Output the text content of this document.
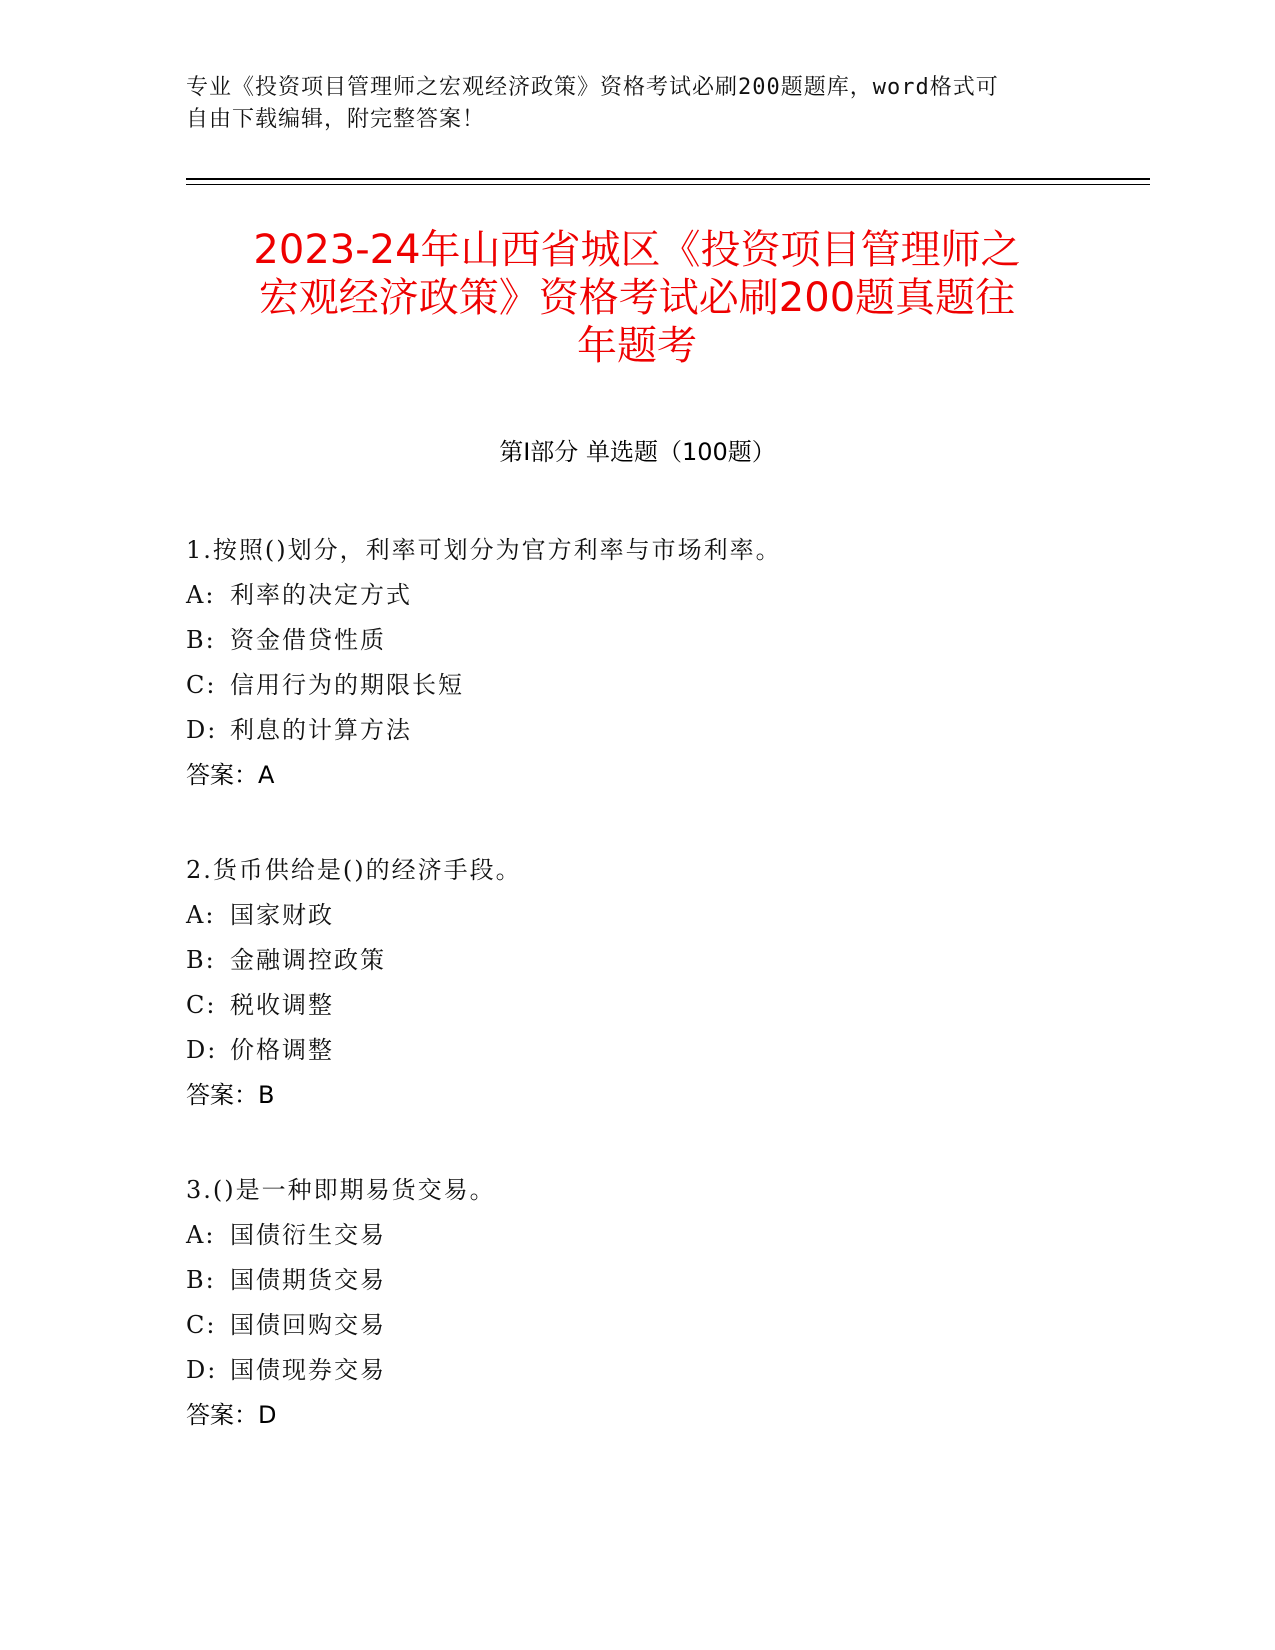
专业《投资项目管理师之宏观经济政策》资格考试必刷200题题库，word格式可
自由下载编辑，附完整答案！
2023-24年山西省城区《投资项目管理师之
宏观经济政策》资格考试必刷200题真题往
年题考
第I部分 单选题（100题）
1.按照()划分，利率可划分为官方利率与市场利率。
A: 利率的决定方式
B: 资金借贷性质
C: 信用行为的期限长短
D: 利息的计算方法
答案：A
2.货币供给是()的经济手段。
A: 国家财政
B: 金融调控政策
C: 税收调整
D: 价格调整
答案：B
3.()是一种即期易货交易。
A: 国债衍生交易
B: 国债期货交易
C: 国债回购交易
D: 国债现券交易
答案：D
